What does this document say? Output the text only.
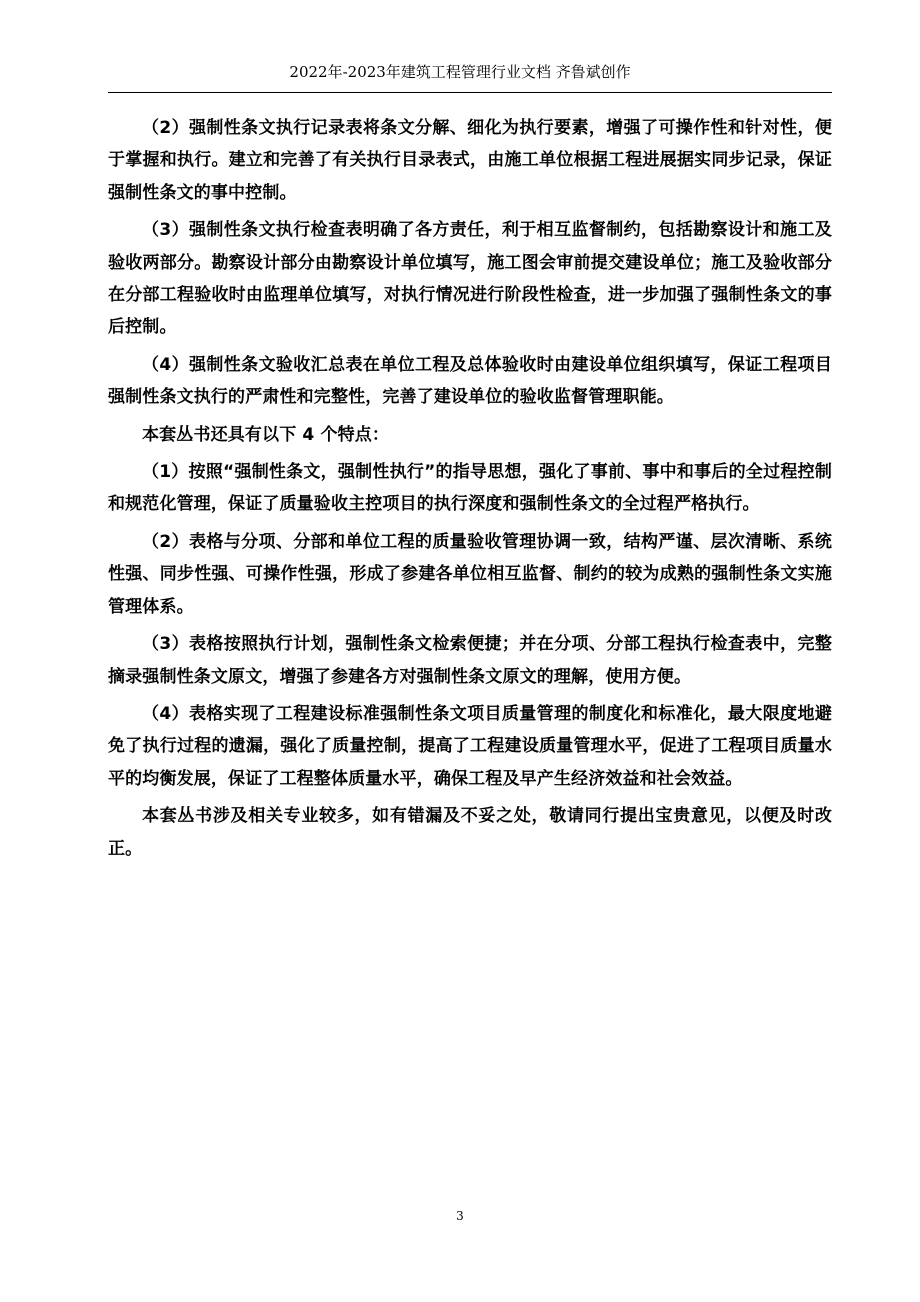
2022年-2023年建筑工程管理行业文档 齐鲁斌创作

（2）强制性条文执行记录表将条文分解、细化为执行要素，增强了可操作性和针对性，便于掌握和执行。建立和完善了有关执行目录表式，由施工单位根据工程进展据实同步记录，保证强制性条文的事中控制。

（3）强制性条文执行检查表明确了各方责任，利于相互监督制约，包括勘察设计和施工及验收两部分。勘察设计部分由勘察设计单位填写，施工图会审前提交建设单位；施工及验收部分在分部工程验收时由监理单位填写，对执行情况进行阶段性检查，进一步加强了强制性条文的事后控制。

（4）强制性条文验收汇总表在单位工程及总体验收时由建设单位组织填写，保证工程项目强制性条文执行的严肃性和完整性，完善了建设单位的验收监督管理职能。

本套丛书还具有以下 4 个特点：

（1）按照“强制性条文，强制性执行”的指导思想，强化了事前、事中和事后的全过程控制和规范化管理，保证了质量验收主控项目的执行深度和强制性条文的全过程严格执行。

（2）表格与分项、分部和单位工程的质量验收管理协调一致，结构严谨、层次清晰、系统性强、同步性强、可操作性强，形成了参建各单位相互监督、制约的较为成熟的强制性条文实施管理体系。

（3）表格按照执行计划，强制性条文检索便捷；并在分项、分部工程执行检查表中，完整摘录强制性条文原文，增强了参建各方对强制性条文原文的理解，使用方便。

（4）表格实现了工程建设标准强制性条文项目质量管理的制度化和标准化，最大限度地避免了执行过程的遗漏，强化了质量控制，提高了工程建设质量管理水平，促进了工程项目质量水平的均衡发展，保证了工程整体质量水平，确保工程及早产生经济效益和社会效益。

本套丛书涉及相关专业较多，如有错漏及不妥之处，敬请同行提出宝贵意见，以便及时改正。

3
